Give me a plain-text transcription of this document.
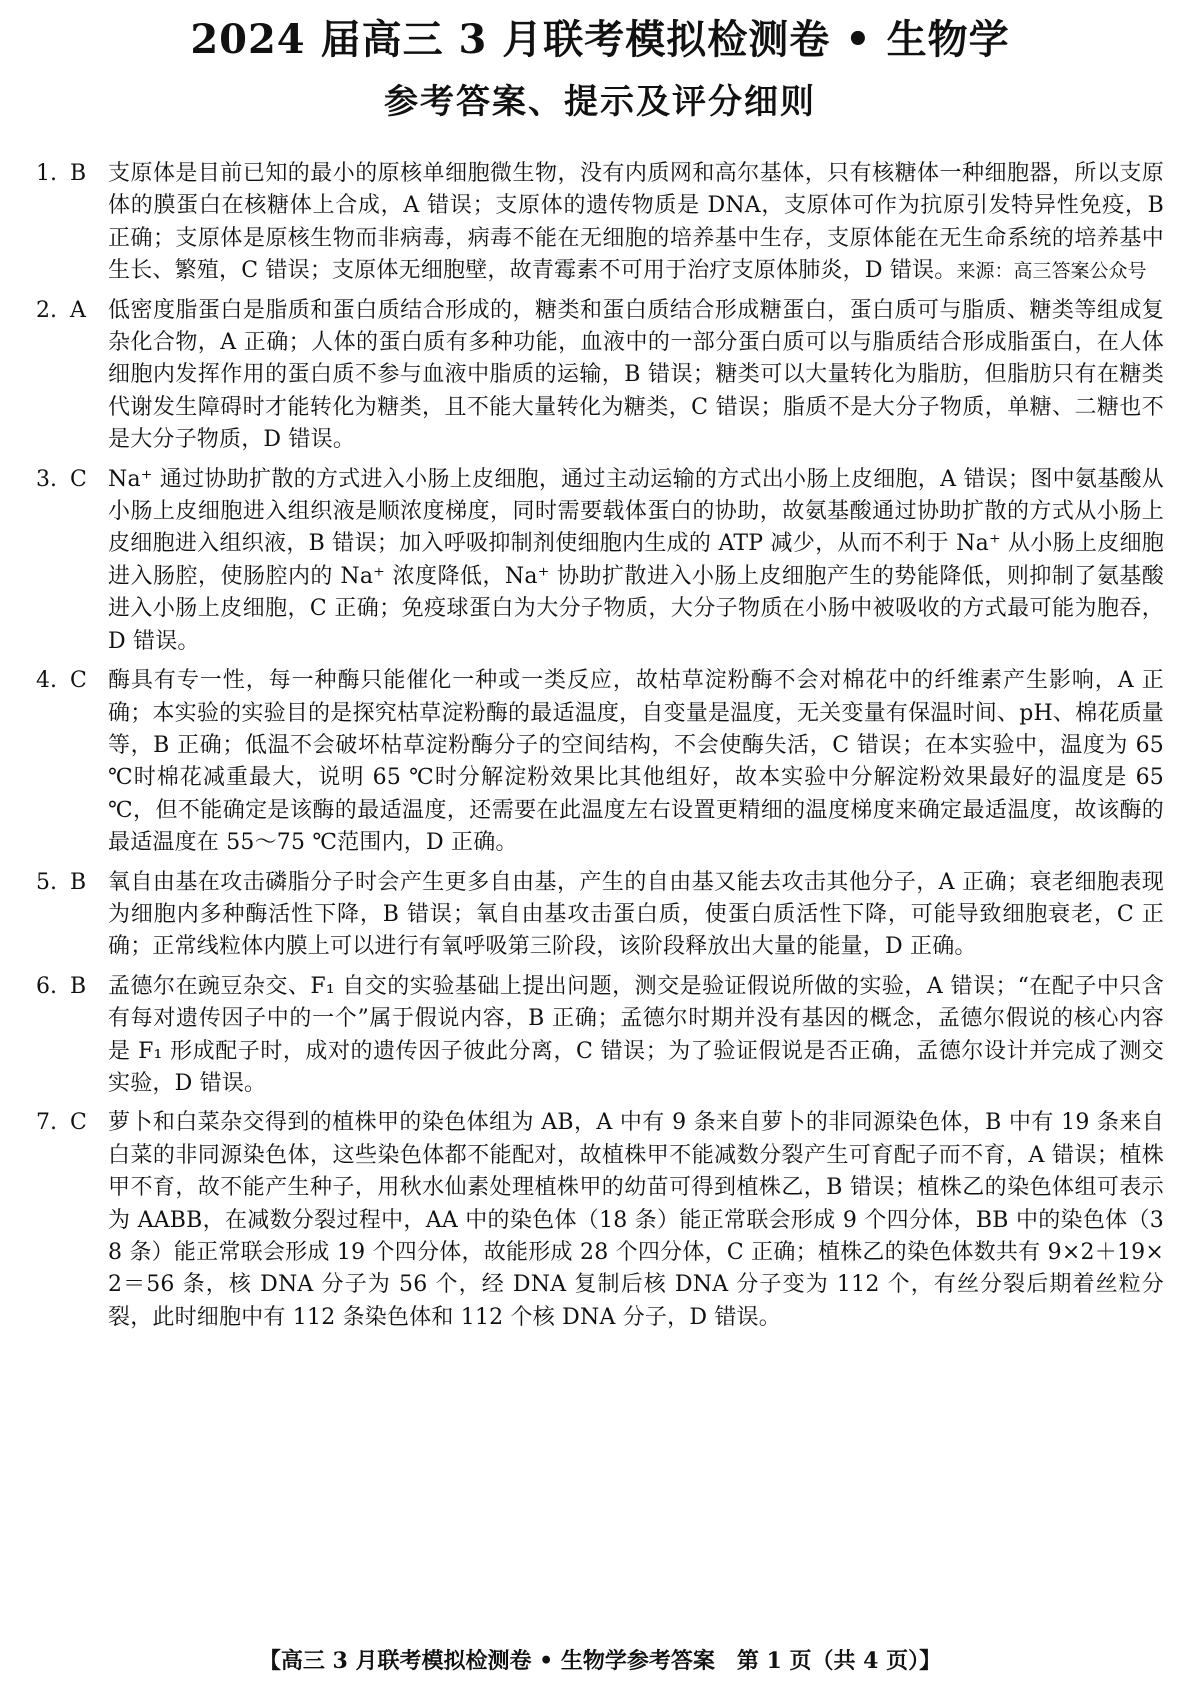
2024 届高三 3 月联考模拟检测卷 • 生物学
参考答案、提示及评分细则
1. B 支原体是目前已知的最小的原核单细胞微生物，没有内质网和高尔基体，只有核糖体一种细胞器，所以支原体的膜蛋白在核糖体上合成，A 错误；支原体的遗传物质是 DNA，支原体可作为抗原引发特异性免疫，B 正确；支原体是原核生物而非病毒，病毒不能在无细胞的培养基中生存，支原体能在无生命系统的培养基中生长、繁殖，C 错误；支原体无细胞壁，故青霉素不可用于治疗支原体肺炎，D 错误。来源：高三答案公众号
2. A	低密度脂蛋白是脂质和蛋白质结合形成的，糖类和蛋白质结合形成糖蛋白，蛋白质可与脂质、糖类等组成复杂化合物，A 正确；人体的蛋白质有多种功能，血液中的一部分蛋白质可以与脂质结合形成脂蛋白，在人体细胞内发挥作用的蛋白质不参与血液中脂质的运输，B 错误；糖类可以大量转化为脂肪，但脂肪只有在糖类代谢发生障碍时才能转化为糖类，且不能大量转化为糖类，C 错误；脂质不是大分子物质，单糖、二糖也不是大分子物质，D 错误。
3. C Na⁺ 通过协助扩散的方式进入小肠上皮细胞，通过主动运输的方式出小肠上皮细胞，A 错误；图中氨基酸从小肠上皮细胞进入组织液是顺浓度梯度，同时需要载体蛋白的协助，故氨基酸通过协助扩散的方式从小肠上皮细胞进入组织液，B 错误；加入呼吸抑制剂使细胞内生成的 ATP 减少，从而不利于 Na⁺ 从小肠上皮细胞进入肠腔，使肠腔内的 Na⁺ 浓度降低，Na⁺ 协助扩散进入小肠上皮细胞产生的势能降低，则抑制了氨基酸进入小肠上皮细胞，C 正确；免疫球蛋白为大分子物质，大分子物质在小肠中被吸收的方式最可能为胞吞，D 错误。
4. C 酶具有专一性，每一种酶只能催化一种或一类反应，故枯草淀粉酶不会对棉花中的纤维素产生影响，A 正确；本实验的实验目的是探究枯草淀粉酶的最适温度，自变量是温度，无关变量有保温时间、pH、棉花质量等，B 正确；低温不会破坏枯草淀粉酶分子的空间结构，不会使酶失活，C 错误；在本实验中，温度为 65 ℃时棉花减重最大，说明 65 ℃时分解淀粉效果比其他组好，故本实验中分解淀粉效果最好的温度是 65 ℃，但不能确定是该酶的最适温度，还需要在此温度左右设置更精细的温度梯度来确定最适温度，故该酶的最适温度在 55～75 ℃范围内，D 正确。
5. B 氧自由基在攻击磷脂分子时会产生更多自由基，产生的自由基又能去攻击其他分子，A 正确；衰老细胞表现为细胞内多种酶活性下降，B 错误；氧自由基攻击蛋白质，使蛋白质活性下降，可能导致细胞衰老，C 正确；正常线粒体内膜上可以进行有氧呼吸第三阶段，该阶段释放出大量的能量，D 正确。
6. B 孟德尔在豌豆杂交、F₁ 自交的实验基础上提出问题，测交是验证假说所做的实验，A 错误；“在配子中只含有每对遗传因子中的一个”属于假说内容，B 正确；孟德尔时期并没有基因的概念，孟德尔假说的核心内容是 F₁ 形成配子时，成对的遗传因子彼此分离，C 错误；为了验证假说是否正确，孟德尔设计并完成了测交实验，D 错误。
7. C 萝卜和白菜杂交得到的植株甲的染色体组为 AB，A 中有 9 条来自萝卜的非同源染色体，B 中有 19 条来自白菜的非同源染色体，这些染色体都不能配对，故植株甲不能减数分裂产生可育配子而不育，A 错误；植株甲不育，故不能产生种子，用秋水仙素处理植株甲的幼苗可得到植株乙，B 错误；植株乙的染色体组可表示为 AABB，在减数分裂过程中，AA 中的染色体（18 条）能正常联会形成 9 个四分体，BB 中的染色体（38 条）能正常联会形成 19 个四分体，故能形成 28 个四分体，C 正确；植株乙的染色体数共有 9×2＋19×2＝56 条，核 DNA 分子为 56 个，经 DNA 复制后核 DNA 分子变为 112 个，有丝分裂后期着丝粒分裂，此时细胞中有 112 条染色体和 112 个核 DNA 分子，D 错误。
【高三 3 月联考模拟检测卷 • 生物学参考答案　第 1 页（共 4 页）】
